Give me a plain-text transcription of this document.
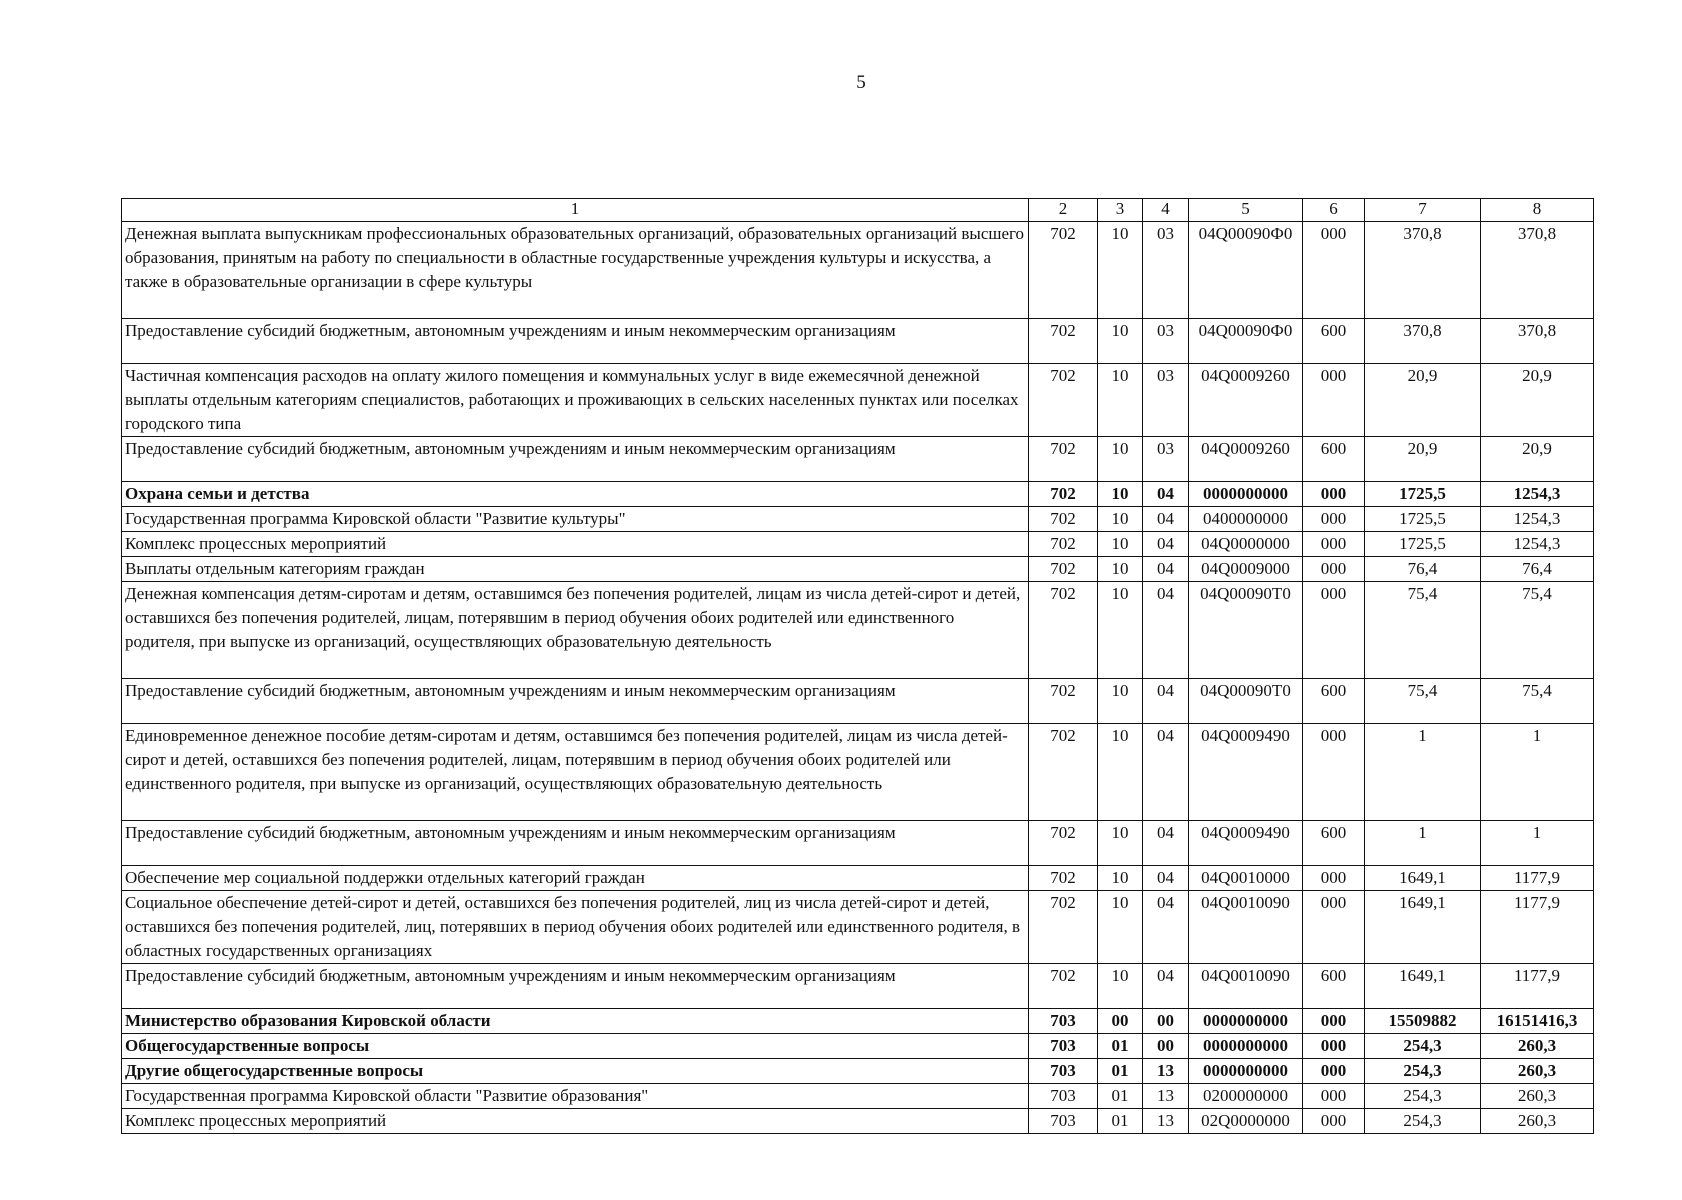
5
1	2	3	4	5	6	7	8
Денежная выплата выпускникам профессиональных образовательных организаций, образовательных организаций высшего образования, принятым на работу по специальности в областные государственные учреждения культуры и искусства, а также в образовательные организации в сфере культуры	702	10	03	04Q00090Ф0	000	370,8	370,8
Предоставление субсидий бюджетным, автономным учреждениям и иным некоммерческим организациям	702	10	03	04Q00090Ф0	600	370,8	370,8
Частичная компенсация расходов на оплату жилого помещения и коммунальных услуг в виде ежемесячной денежной выплаты отдельным категориям специалистов, работающих и проживающих в сельских населенных пунктах или поселках городского типа	702	10	03	04Q0009260	000	20,9	20,9
Предоставление субсидий бюджетным, автономным учреждениям и иным некоммерческим организациям	702	10	03	04Q0009260	600	20,9	20,9
Охрана семьи и детства	702	10	04	0000000000	000	1725,5	1254,3
Государственная программа Кировской области "Развитие культуры"	702	10	04	0400000000	000	1725,5	1254,3
Комплекс процессных мероприятий	702	10	04	04Q0000000	000	1725,5	1254,3
Выплаты отдельным категориям граждан	702	10	04	04Q0009000	000	76,4	76,4
Денежная компенсация детям-сиротам и детям, оставшимся без попечения родителей, лицам из числа детей-сирот и детей, оставшихся без попечения родителей, лицам, потерявшим в период обучения обоих родителей или единственного родителя, при выпуске из организаций, осуществляющих образовательную деятельность	702	10	04	04Q00090Т0	000	75,4	75,4
Предоставление субсидий бюджетным, автономным учреждениям и иным некоммерческим организациям	702	10	04	04Q00090Т0	600	75,4	75,4
Единовременное денежное пособие детям-сиротам и детям, оставшимся без попечения родителей, лицам из числа детей-сирот и детей, оставшихся без попечения родителей, лицам, потерявшим в период обучения обоих родителей или единственного родителя, при выпуске из организаций, осуществляющих образовательную деятельность	702	10	04	04Q0009490	000	1	1
Предоставление субсидий бюджетным, автономным учреждениям и иным некоммерческим организациям	702	10	04	04Q0009490	600	1	1
Обеспечение мер социальной поддержки отдельных категорий граждан	702	10	04	04Q0010000	000	1649,1	1177,9
Социальное обеспечение детей-сирот и детей, оставшихся без попечения родителей, лиц из числа детей-сирот и детей, оставшихся без попечения родителей, лиц, потерявших в период обучения обоих родителей или единственного родителя, в областных государственных организациях	702	10	04	04Q0010090	000	1649,1	1177,9
Предоставление субсидий бюджетным, автономным учреждениям и иным некоммерческим организациям	702	10	04	04Q0010090	600	1649,1	1177,9
Министерство образования Кировской области	703	00	00	0000000000	000	15509882	16151416,3
Общегосударственные вопросы	703	01	00	0000000000	000	254,3	260,3
Другие общегосударственные вопросы	703	01	13	0000000000	000	254,3	260,3
Государственная программа Кировской области "Развитие образования"	703	01	13	0200000000	000	254,3	260,3
Комплекс процессных мероприятий	703	01	13	02Q0000000	000	254,3	260,3
